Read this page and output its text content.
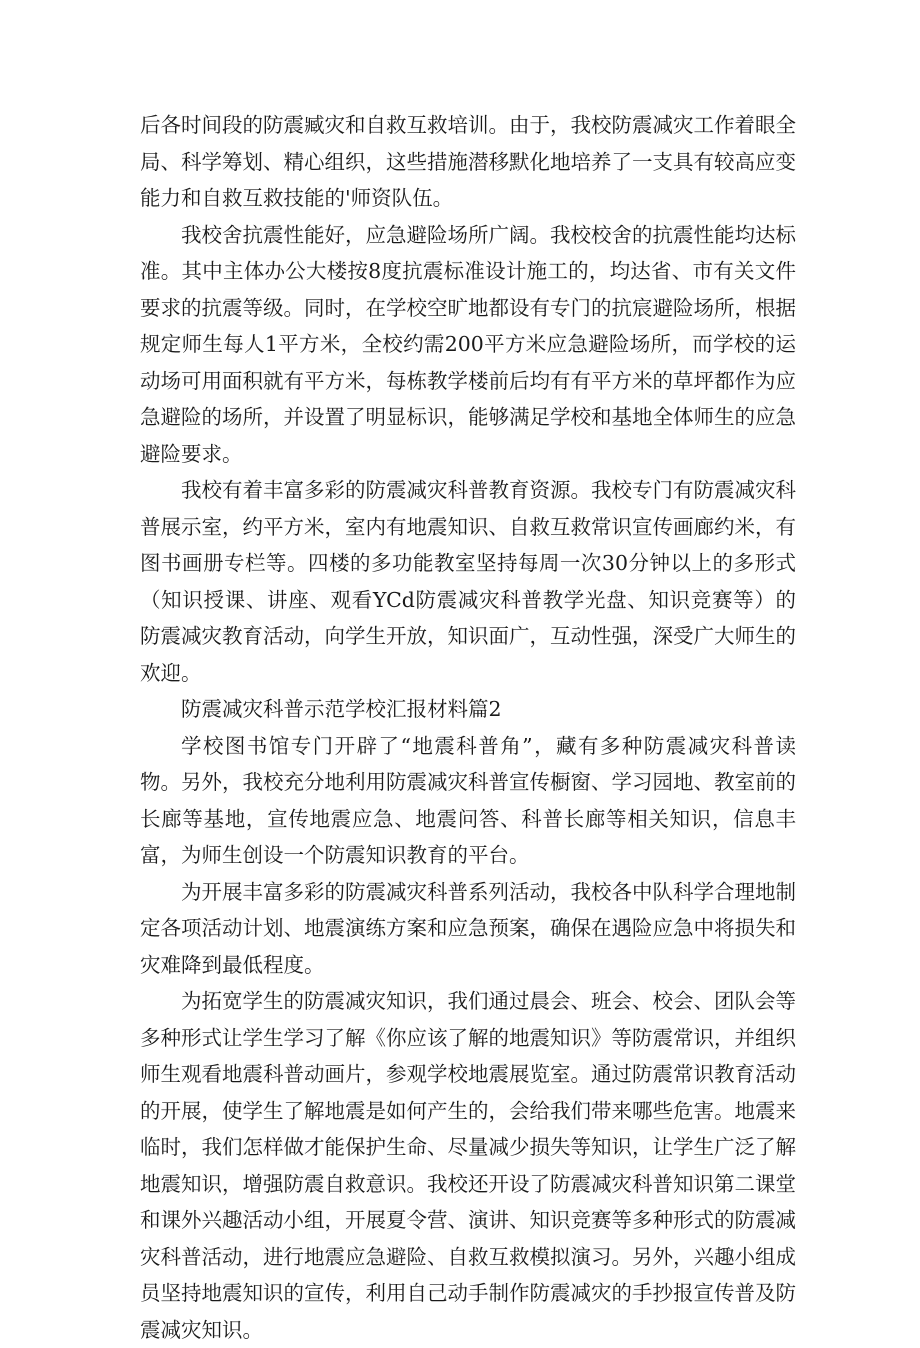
后各时间段的防震臧灾和自救互救培训。由于，我校防震减灾工作着眼全局、科学筹划、精心组织，这些措施潜移默化地培养了一支具有较高应变能力和自救互救技能的'师资队伍。

我校舍抗震性能好，应急避险场所广阔。我校校舍的抗震性能均达标准。其中主体办公大楼按8度抗震标准设计施工的，均达省、市有关文件要求的抗震等级。同时，在学校空旷地都设有专门的抗宸避险场所，根据规定师生每人1平方米，全校约需200平方米应急避险场所，而学校的运动场可用面积就有平方米，每栋教学楼前后均有有平方米的草坪都作为应急避险的场所，并设置了明显标识，能够满足学校和基地全体师生的应急避险要求。

我校有着丰富多彩的防震减灾科普教育资源。我校专门有防震减灾科普展示室，约平方米，室内有地震知识、自救互救常识宣传画廊约米，有图书画册专栏等。四楼的多功能教室坚持每周一次30分钟以上的多形式（知识授课、讲座、观看YCd防震减灾科普教学光盘、知识竞赛等）的防震减灾教育活动，向学生开放，知识面广，互动性强，深受广大师生的欢迎。

防震减灾科普示范学校汇报材料篇2

学校图书馆专门开辟了“地震科普角”，藏有多种防震减灾科普读物。另外，我校充分地利用防震减灾科普宣传橱窗、学习园地、教室前的长廊等基地，宣传地震应急、地震问答、科普长廊等相关知识，信息丰富，为师生创设一个防震知识教育的平台。

为开展丰富多彩的防震减灾科普系列活动，我校各中队科学合理地制定各项活动计划、地震演练方案和应急预案，确保在遇险应急中将损失和灾难降到最低程度。

为拓宽学生的防震减灾知识，我们通过晨会、班会、校会、团队会等多种形式让学生学习了解《你应该了解的地震知识》等防震常识，并组织师生观看地震科普动画片，参观学校地震展览室。通过防震常识教育活动的开展，使学生了解地震是如何产生的，会给我们带来哪些危害。地震来临时，我们怎样做才能保护生命、尽量减少损失等知识，让学生广泛了解地震知识，增强防震自救意识。我校还开设了防震减灾科普知识第二课堂和课外兴趣活动小组，开展夏令营、演讲、知识竞赛等多种形式的防震减灾科普活动，进行地震应急避险、自救互救模拟演习。另外，兴趣小组成员坚持地震知识的宣传，利用自己动手制作防震减灾的手抄报宣传普及防震减灾知识。
